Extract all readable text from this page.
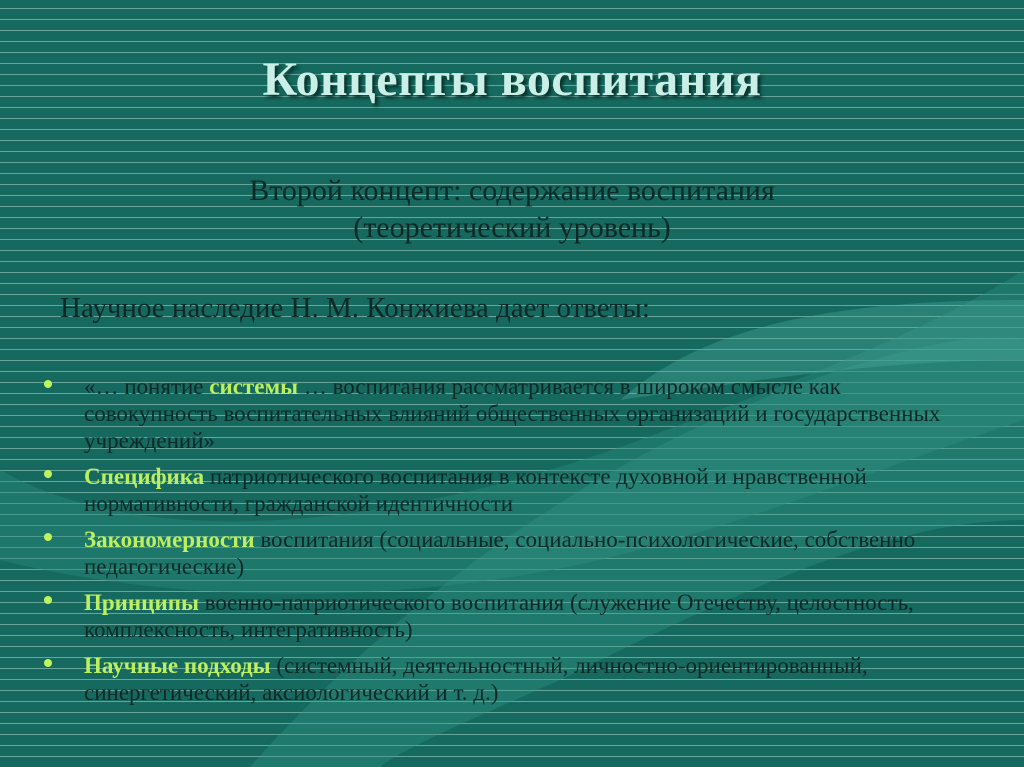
Концепты воспитания
Второй концепт: содержание воспитания
(теоретический уровень)
Научное наследие Н. М. Конжиева дает ответы:
«… понятие системы … воспитания рассматривается в широком смысле как совокупность воспитательных влияний общественных организаций и государственных учреждений»
Специфика патриотического воспитания в контексте духовной и нравственной нормативности, гражданской идентичности
Закономерности воспитания (социальные, социально-психологические, собственно педагогические)
Принципы военно-патриотического воспитания (служение Отечеству, целостность, комплексность, интегративность)
Научные подходы (системный, деятельностный, личностно-ориентированный, синергетический, аксиологический и т. д.)
